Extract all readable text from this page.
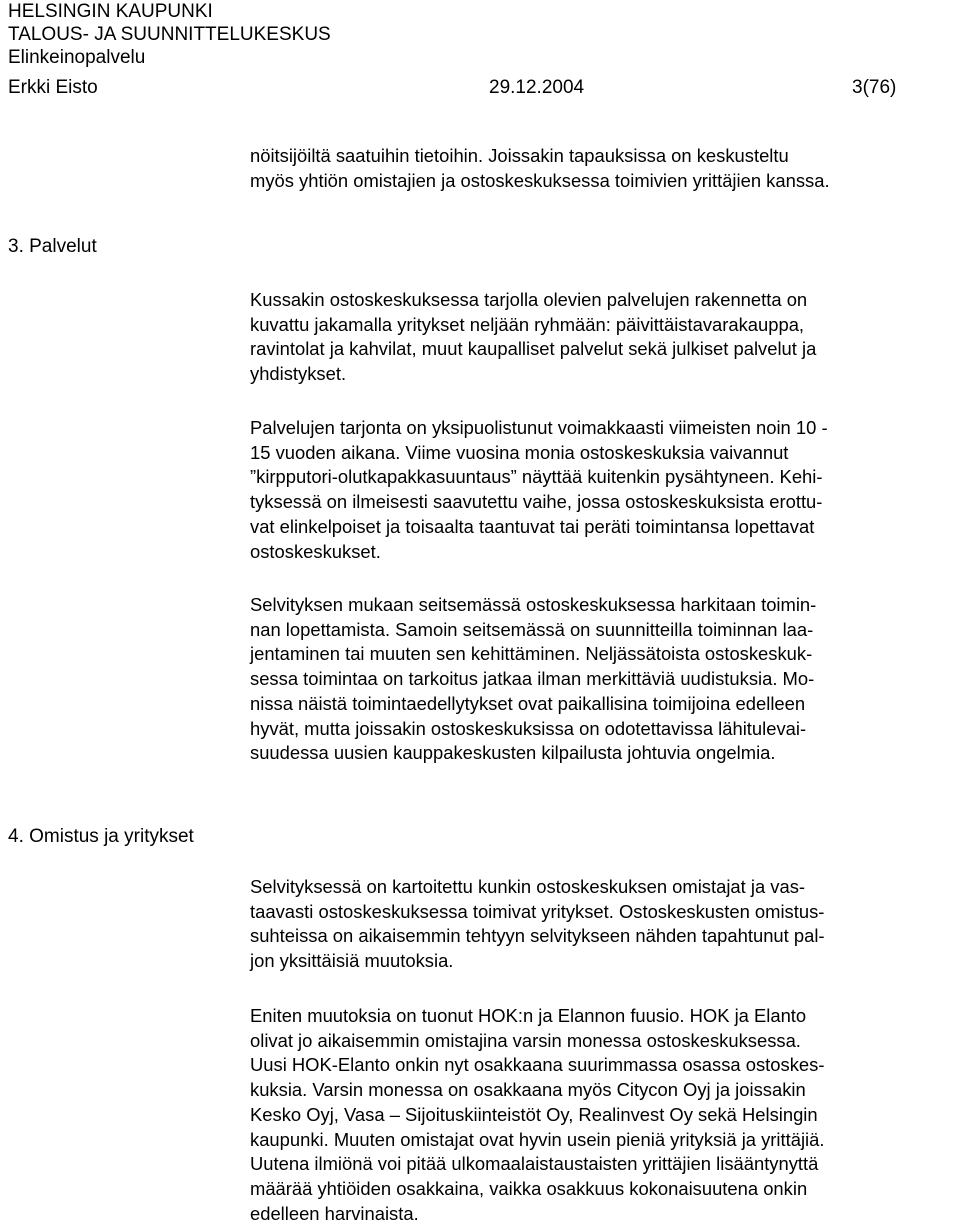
HELSINGIN KAUPUNKI
TALOUS- JA SUUNNITTELUKESKUS
Elinkeinopalvelu
Erkki Eisto	29.12.2004	3(76)
nöitsijöiltä saatuihin tietoihin. Joissakin tapauksissa on keskusteltu
myös yhtiön omistajien ja ostoskeskuksessa toimivien yrittäjien kanssa.
3. Palvelut
Kussakin ostoskeskuksessa tarjolla olevien palvelujen rakennetta on
kuvattu jakamalla yritykset neljään ryhmään: päivittäistavarakauppa,
ravintolat ja kahvilat, muut kaupalliset palvelut sekä julkiset palvelut ja
yhdistykset.
Palvelujen tarjonta on yksipuolistunut voimakkaasti viimeisten noin 10 -
15 vuoden aikana. Viime vuosina monia ostoskeskuksia vaivannut
”kirpputori-olutkapakkasuuntaus” näyttää kuitenkin pysähtyneen. Kehi-
tyksessä on ilmeisesti saavutettu vaihe, jossa ostoskeskuksista erottu-
vat elinkelpoiset ja toisaalta taantuvat tai peräti toimintansa lopettavat
ostoskeskukset.
Selvityksen mukaan seitsemässä ostoskeskuksessa harkitaan toimin-
nan lopettamista. Samoin seitsemässä on suunnitteilla toiminnan laa-
jentaminen tai muuten sen kehittäminen. Neljässätoista ostoskeskuk-
sessa toimintaa on tarkoitus jatkaa ilman merkittäviä uudistuksia. Mo-
nissa näistä toimintaedellytykset ovat paikallisina toimijoina edelleen
hyvät, mutta joissakin ostoskeskuksissa on odotettavissa lähitulevai-
suudessa uusien kauppakeskusten kilpailusta johtuvia ongelmia.
4. Omistus ja yritykset
Selvityksessä on kartoitettu kunkin ostoskeskuksen omistajat ja vas-
taavasti ostoskeskuksessa toimivat yritykset. Ostoskeskusten omistus-
suhteissa on aikaisemmin tehtyyn selvitykseen nähden tapahtunut pal-
jon yksittäisiä muutoksia.
Eniten muutoksia on tuonut HOK:n ja Elannon fuusio. HOK ja Elanto
olivat jo aikaisemmin omistajina varsin monessa ostoskeskuksessa.
Uusi HOK-Elanto onkin nyt osakkaana suurimmassa osassa ostoskes-
kuksia. Varsin monessa on osakkaana myös Citycon Oyj ja joissakin
Kesko Oyj, Vasa – Sijoituskiinteistöt Oy, Realinvest Oy sekä Helsingin
kaupunki. Muuten omistajat ovat hyvin usein pieniä yrityksiä ja yrittäjiä.
Uutena ilmiönä voi pitää ulkomaalaistaustaisten yrittäjien lisääntynyttä
määrää yhtiöiden osakkaina, vaikka osakkuus kokonaisuutena onkin
edelleen harvinaista.
